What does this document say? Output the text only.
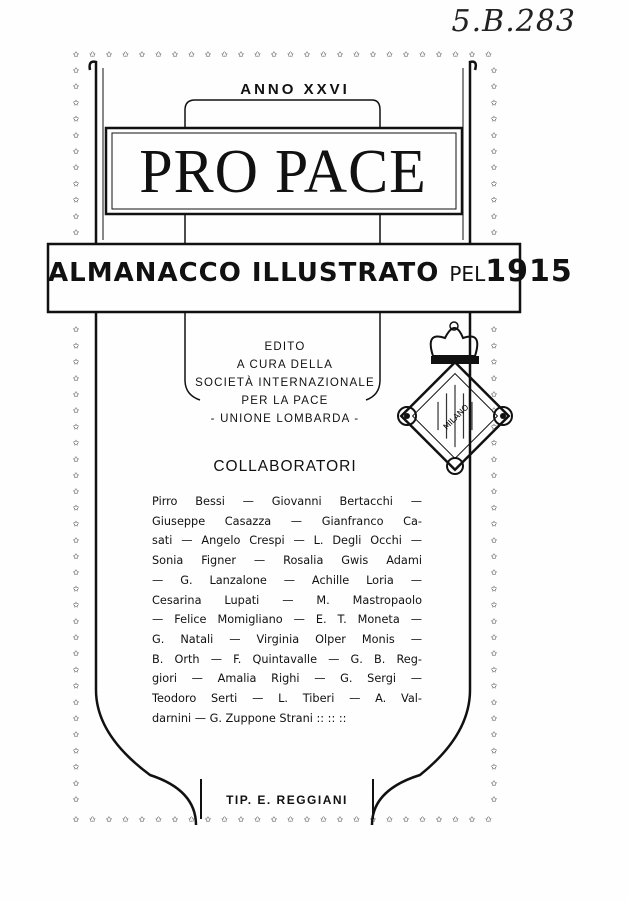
5.B.283
✩
✩
✩
✩
✩
✩
✩
✩
✩
✩
✩
✩
✩
✩
✩
✩
✩
✩
✩
✩
✩
✩
✩
✩
✩
✩
✩
✩
✩
✩
✩
✩
✩
✩
✩
✩
✩
✩
✩
✩
✩
✩
✩
✩
✩
✩
✩
✩
✩
✩
✩
✩
✩	✩
✩	✩
✩	✩
✩	✩
✩	✩
✩	✩
✩	✩
✩	✩
✩	✩
✩	✩
✩	✩
✩	✩
✩	✩
✩	✩
✩	✩
✩	✩
✩	✩
✩	✩
✩	✩
✩	✩
✩	✩
✩	✩
✩	✩
✩	✩
✩	✩
✩	✩
✩	✩
✩	✩
✩	✩
✩	✩
✩	✩
✩	✩
✩	✩
✩	✩
✩	✩
✩	✩
✩	✩
✩	✩
✩	✩
✩	✩
✩	✩
ANNO XXVI
PRO PACE
ALMANACCO ILLUSTRATO PEL1915
EDITO
A CURA DELLA
SOCIETÀ INTERNAZIONALE
PER LA PACE
- UNIONE LOMBARDA -	MILANO
COLLABORATORI
Pirro Bessi — Giovanni Bertacchi —
Giuseppe Casazza — Gianfranco Ca-
sati — Angelo Crespi — L. Degli Occhi —
Sonia Figner — Rosalia Gwis Adami
— G. Lanzalone — Achille Loria —
Cesarina Lupati — M. Mastropaolo
— Felice Momigliano — E. T. Moneta —
G. Natali — Virginia Olper Monis —
B. Orth — F. Quintavalle — G. B. Reg-
giori — Amalia Righi — G. Sergi —
Teodoro Serti — L. Tiberi — A. Val-
darnini — G. Zuppone Strani :: :: ::
TIP. E. REGGIANI
